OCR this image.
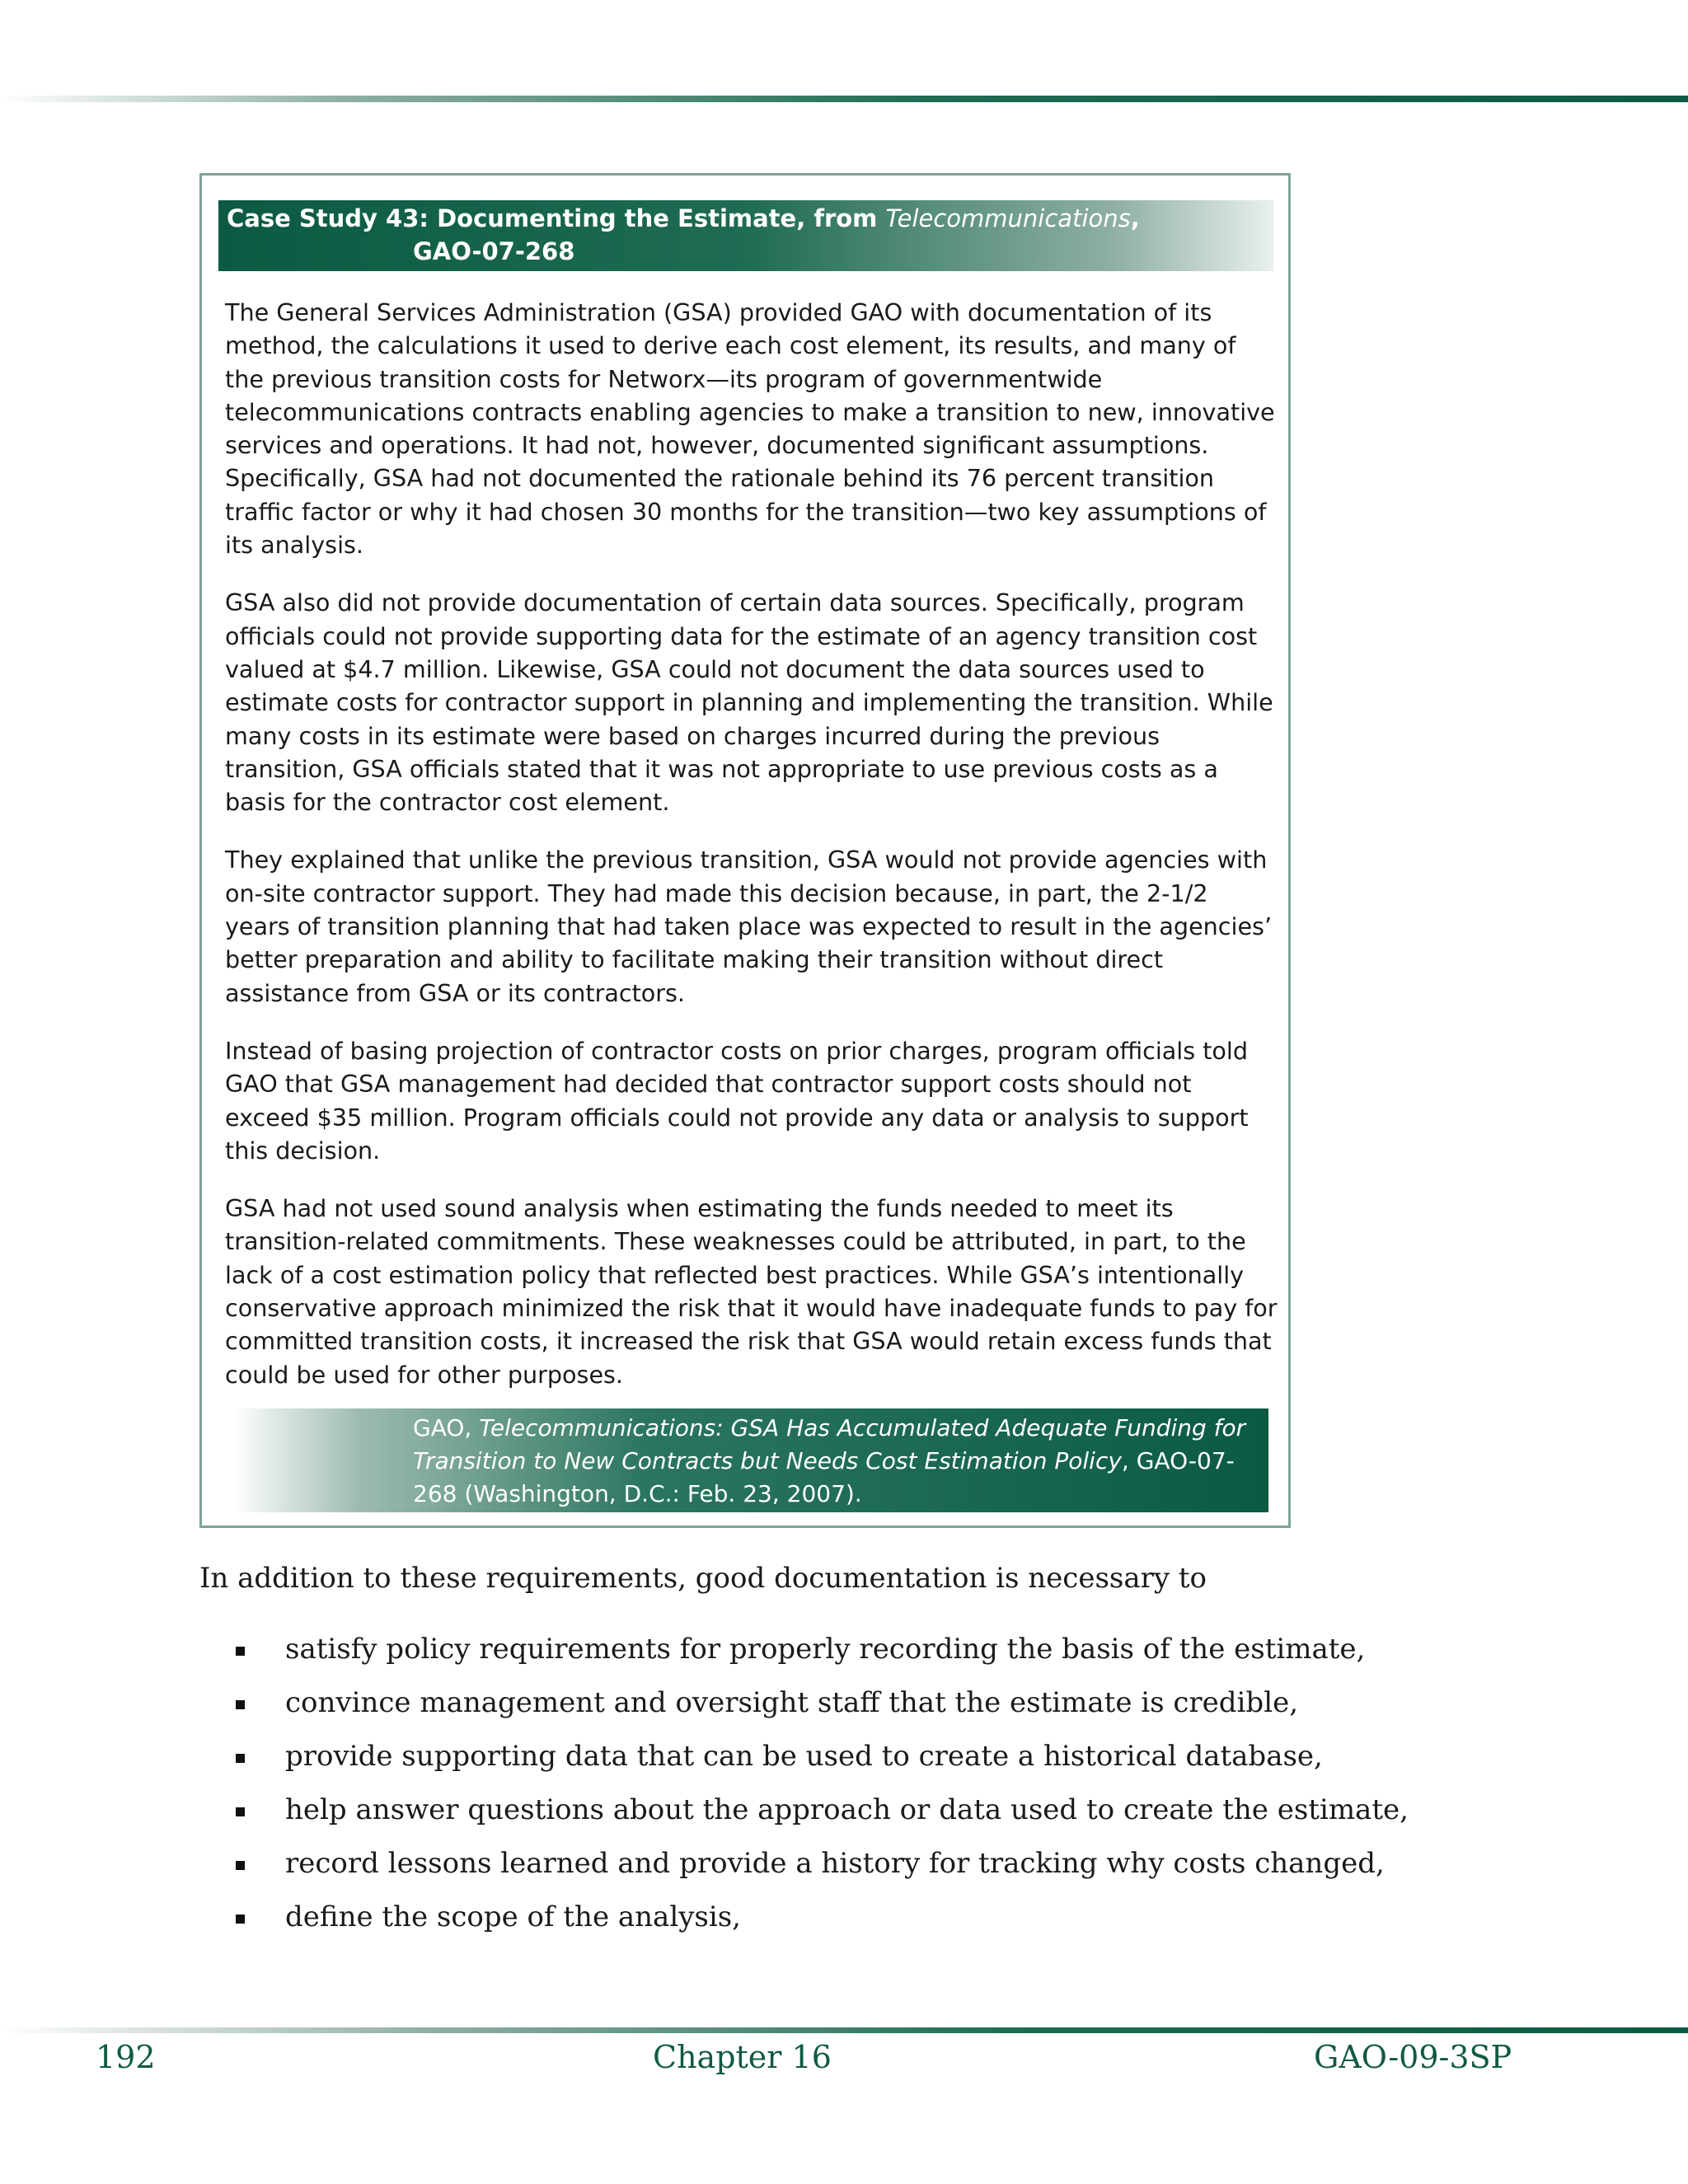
Case Study 43: Documenting the Estimate, from Telecommunications,
GAO-07-268

The General Services Administration (GSA) provided GAO with documentation of its method, the calculations it used to derive each cost element, its results, and many of the previous transition costs for Networx—its program of governmentwide telecommunications contracts enabling agencies to make a transition to new, innovative services and operations. It had not, however, documented significant assumptions. Specifically, GSA had not documented the rationale behind its 76 percent transition traffic factor or why it had chosen 30 months for the transition—two key assumptions of its analysis.

GSA also did not provide documentation of certain data sources. Specifically, program officials could not provide supporting data for the estimate of an agency transition cost valued at $4.7 million. Likewise, GSA could not document the data sources used to estimate costs for contractor support in planning and implementing the transition. While many costs in its estimate were based on charges incurred during the previous transition, GSA officials stated that it was not appropriate to use previous costs as a basis for the contractor cost element.

They explained that unlike the previous transition, GSA would not provide agencies with on-site contractor support. They had made this decision because, in part, the 2-1/2 years of transition planning that had taken place was expected to result in the agencies’ better preparation and ability to facilitate making their transition without direct assistance from GSA or its contractors.

Instead of basing projection of contractor costs on prior charges, program officials told GAO that GSA management had decided that contractor support costs should not exceed $35 million. Program officials could not provide any data or analysis to support this decision.

GSA had not used sound analysis when estimating the funds needed to meet its transition-related commitments. These weaknesses could be attributed, in part, to the lack of a cost estimation policy that reflected best practices. While GSA’s intentionally conservative approach minimized the risk that it would have inadequate funds to pay for committed transition costs, it increased the risk that GSA would retain excess funds that could be used for other purposes.

GAO, Telecommunications: GSA Has Accumulated Adequate Funding for Transition to New Contracts but Needs Cost Estimation Policy, GAO-07-268 (Washington, D.C.: Feb. 23, 2007).
In addition to these requirements, good documentation is necessary to
satisfy policy requirements for properly recording the basis of the estimate,
convince management and oversight staff that the estimate is credible,
provide supporting data that can be used to create a historical database,
help answer questions about the approach or data used to create the estimate,
record lessons learned and provide a history for tracking why costs changed,
define the scope of the analysis,
192	Chapter 16	GAO-09-3SP
